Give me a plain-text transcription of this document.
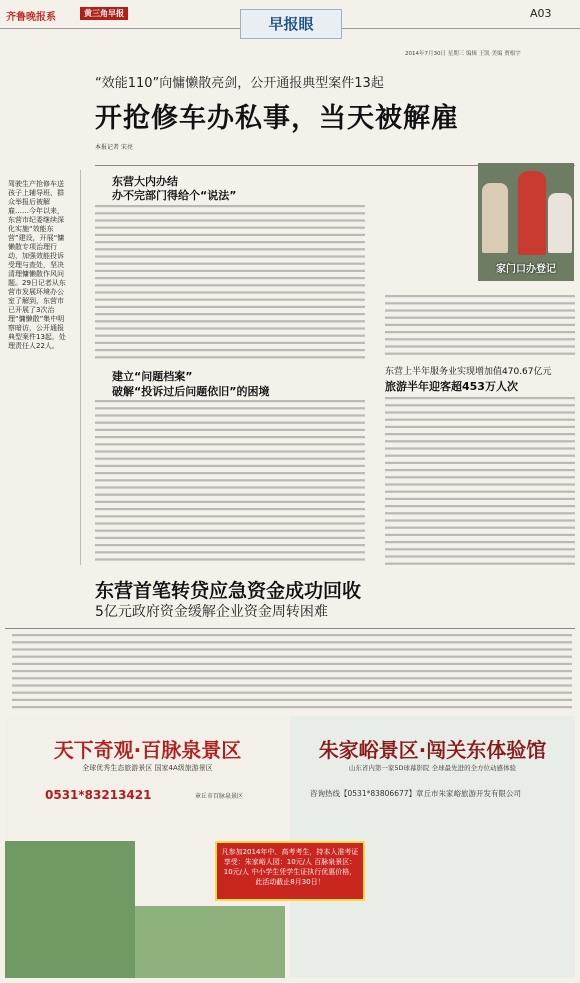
齐鲁晚报系	黄三角早报	A03
早报眼
2014年7月30日 星期三 编辑 王凯 美编 贾根宇
“效能110”向慵懒散亮剑，公开通报典型案件13起
开抢修车办私事，当天被解雇
本报记者 宋亮
驾驶生产抢修车送孩子上辅导班、群众举报后被解雇……今年以来，东营市纪委继续深化实施“效能东营”建设，开展“慵懒散专项治理行动，加强效能投诉受理与查处，坚决清理慵懒散作风问题。29日记者从东营市发展环境办公室了解到，东营市已开展了3次治理“慵懒散”集中明察暗访，公开通报典型案件13起，处理责任人22人。
东营大内办结
办不完部门得给个“说法”
建立“问题档案”
破解“投诉过后问题依旧”的困境
家门口办登记
东营上半年服务业实现增加值470.67亿元
旅游半年迎客超453万人次
东营首笔转贷应急资金成功回收
5亿元政府资金缓解企业资金周转困难
天下奇观·百脉泉景区
全球优秀生态旅游景区 国家4A级旅游景区
0531*83213421	章丘市百脉泉景区
朱家峪景区·闯关东体验馆
山东省内第一家5D球幕影院 全球最先进的全方位动感体验
咨询热线【0531*83806677】章丘市朱家峪旅游开发有限公司
凡参加2014年中、高考考生，持本人准考证享受：朱家峪人园：10元/人 百脉泉景区：10元/人 中小学生凭学生证执行优惠价格，此活动截止8月30日！
